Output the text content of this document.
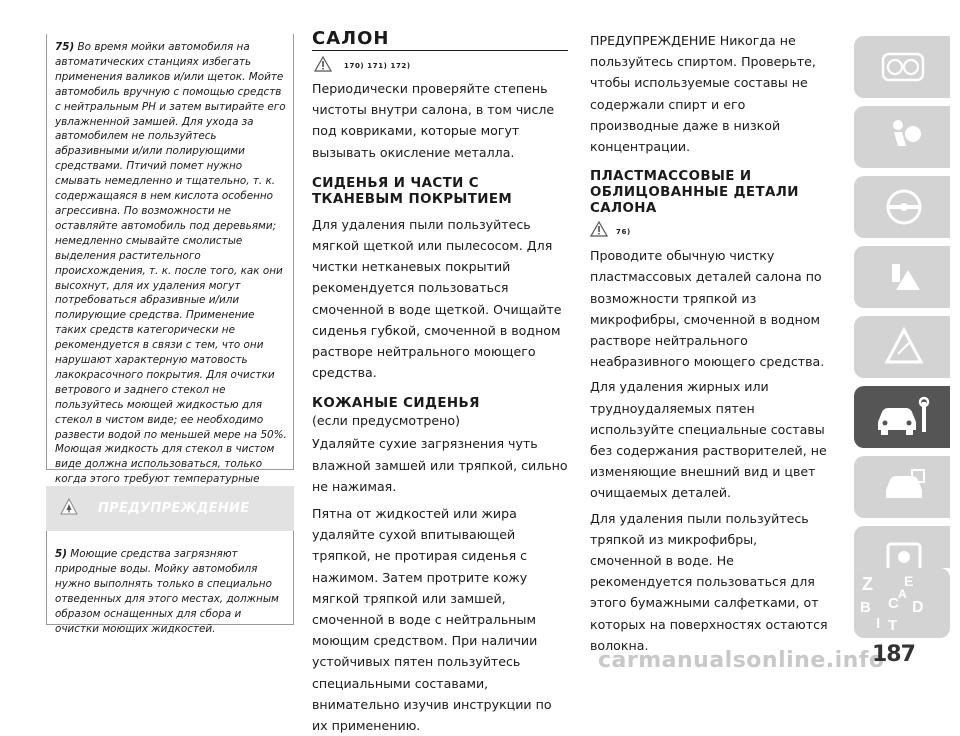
75) Во время мойки автомобиля на автоматических станциях избегать применения валиков и/или щеток. Мойте автомобиль вручную с помощью средств с нейтральным PH и затем вытирайте его увлажненной замшей. Для ухода за автомобилем не пользуйтесь абразивными и/или полирующими средствами. Птичий помет нужно смывать немедленно и тщательно, т. к. содержащаяся в нем кислота особенно агрессивна. По возможности не оставляйте автомобиль под деревьями; немедленно смывайте смолистые выделения растительного происхождения, т. к. после того, как они высохнут, для их удаления могут потребоваться абразивные и/или полирующие средства. Применение таких средств категорически не рекомендуется в связи с тем, что они нарушают характерную матовость лакокрасочного покрытия. Для очистки ветрового и заднего стекол не пользуйтесь моющей жидкостью для стекол в чистом виде; ее необходимо развести водой по меньшей мере на 50%. Моющая жидкость для стекол в чистом виде должна использоваться, только когда этого требуют температурные
ПРЕДУПРЕЖДЕНИЕ
5) Моющие средства загрязняют природные воды. Мойку автомобиля нужно выполнять только в специально отведенных для этого местах, должным образом оснащенных для сбора и очистки моющих жидкостей.
САЛОН
170) 171) 172)

Периодически проверяйте степень чистоты внутри салона, в том числе под ковриками, которые могут вызывать окисление металла.

СИДЕНЬЯ И ЧАСТИ С ТКАНЕВЫМ ПОКРЫТИЕМ

Для удаления пыли пользуйтесь мягкой щеткой или пылесосом. Для чистки нетканевых покрытий рекомендуется пользоваться смоченной в воде щеткой. Очищайте сиденья губкой, смоченной в водном растворе нейтрального моющего средства.

КОЖАНЫЕ СИДЕНЬЯ
(если предусмотрено)

Удаляйте сухие загрязнения чуть влажной замшей или тряпкой, сильно не нажимая.

Пятна от жидкостей или жира удаляйте сухой впитывающей тряпкой, не протирая сиденья с нажимом. Затем протрите кожу мягкой тряпкой или замшей, смоченной в воде с нейтральным моющим средством. При наличии устойчивых пятен пользуйтесь специальными составами, внимательно изучив инструкции по их применению.

ПРЕДУПРЕЖДЕНИЕ Никогда не пользуйтесь спиртом. Проверьте, чтобы используемые составы не содержали спирт и его производные даже в низкой концентрации.

ПЛАСТМАССОВЫЕ И ОБЛИЦОВАННЫЕ ДЕТАЛИ САЛОНА
76)

Проводите обычную чистку пластмассовых деталей салона по возможности тряпкой из микрофибры, смоченной в водном растворе нейтрального неабразивного моющего средства.

Для удаления жирных или трудноудаляемых пятен используйте специальные составы без содержания растворителей, не изменяющие внешний вид и цвет очищаемых деталей.

Для удаления пыли пользуйтесь тряпкой из микрофибры, смоченной в воде. Не рекомендуется пользоваться для этого бумажными салфетками, от которых на поверхностях остаются волокна.

Z E
B C D
A
I T
carmanualsonline.info
187
